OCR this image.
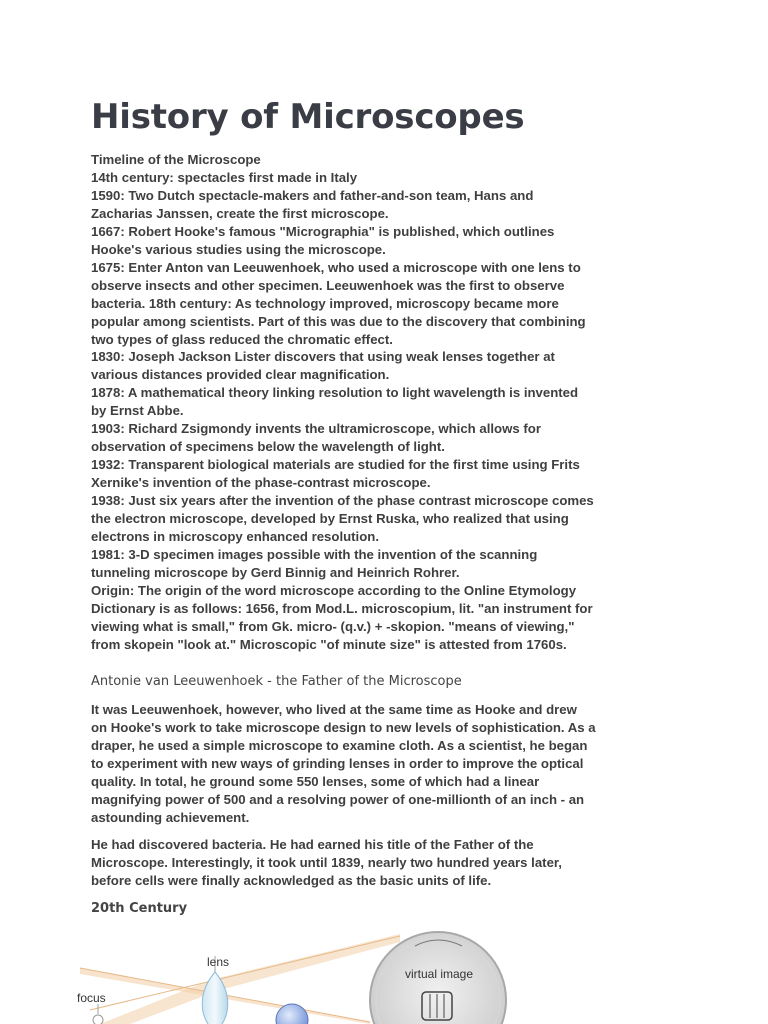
History of Microscopes
Timeline of the Microscope
14th century: spectacles first made in Italy
1590: Two Dutch spectacle-makers and father-and-son team, Hans and
Zacharias Janssen, create the first microscope.
1667: Robert Hooke's famous "Micrographia" is published, which outlines
Hooke's various studies using the microscope.
1675: Enter Anton van Leeuwenhoek, who used a microscope with one lens to
observe insects and other specimen. Leeuwenhoek was the first to observe
bacteria. 18th century: As technology improved, microscopy became more
popular among scientists. Part of this was due to the discovery that combining
two types of glass reduced the chromatic effect.
1830: Joseph Jackson Lister discovers that using weak lenses together at
various distances provided clear magnification.
1878: A mathematical theory linking resolution to light wavelength is invented
by Ernst Abbe.
1903: Richard Zsigmondy invents the ultramicroscope, which allows for
observation of specimens below the wavelength of light.
1932: Transparent biological materials are studied for the first time using Frits
Xernike's invention of the phase-contrast microscope.
1938: Just six years after the invention of the phase contrast microscope comes
the electron microscope, developed by Ernst Ruska, who realized that using
electrons in microscopy enhanced resolution.
1981: 3-D specimen images possible with the invention of the scanning
tunneling microscope by Gerd Binnig and Heinrich Rohrer.
Origin: The origin of the word microscope according to the Online Etymology
Dictionary is as follows: 1656, from Mod.L. microscopium, lit. "an instrument for
viewing what is small," from Gk. micro- (q.v.) + -skopion. "means of viewing,"
from skopein "look at." Microscopic "of minute size" is attested from 1760s.
Antonie van Leeuwenhoek - the Father of the Microscope
It was Leeuwenhoek, however, who lived at the same time as Hooke and drew
on Hooke's work to take microscope design to new levels of sophistication. As a
draper, he used a simple microscope to examine cloth. As a scientist, he began
to experiment with new ways of grinding lenses in order to improve the optical
quality. In total, he ground some 550 lenses, some of which had a linear
magnifying power of 500 and a resolving power of one-millionth of an inch - an
astounding achievement.
He had discovered bacteria. He had earned his title of the Father of the
Microscope. Interestingly, it took until 1839, nearly two hundred years later,
before cells were finally acknowledged as the basic units of life.
20th Century
lens
focus
virtual image
